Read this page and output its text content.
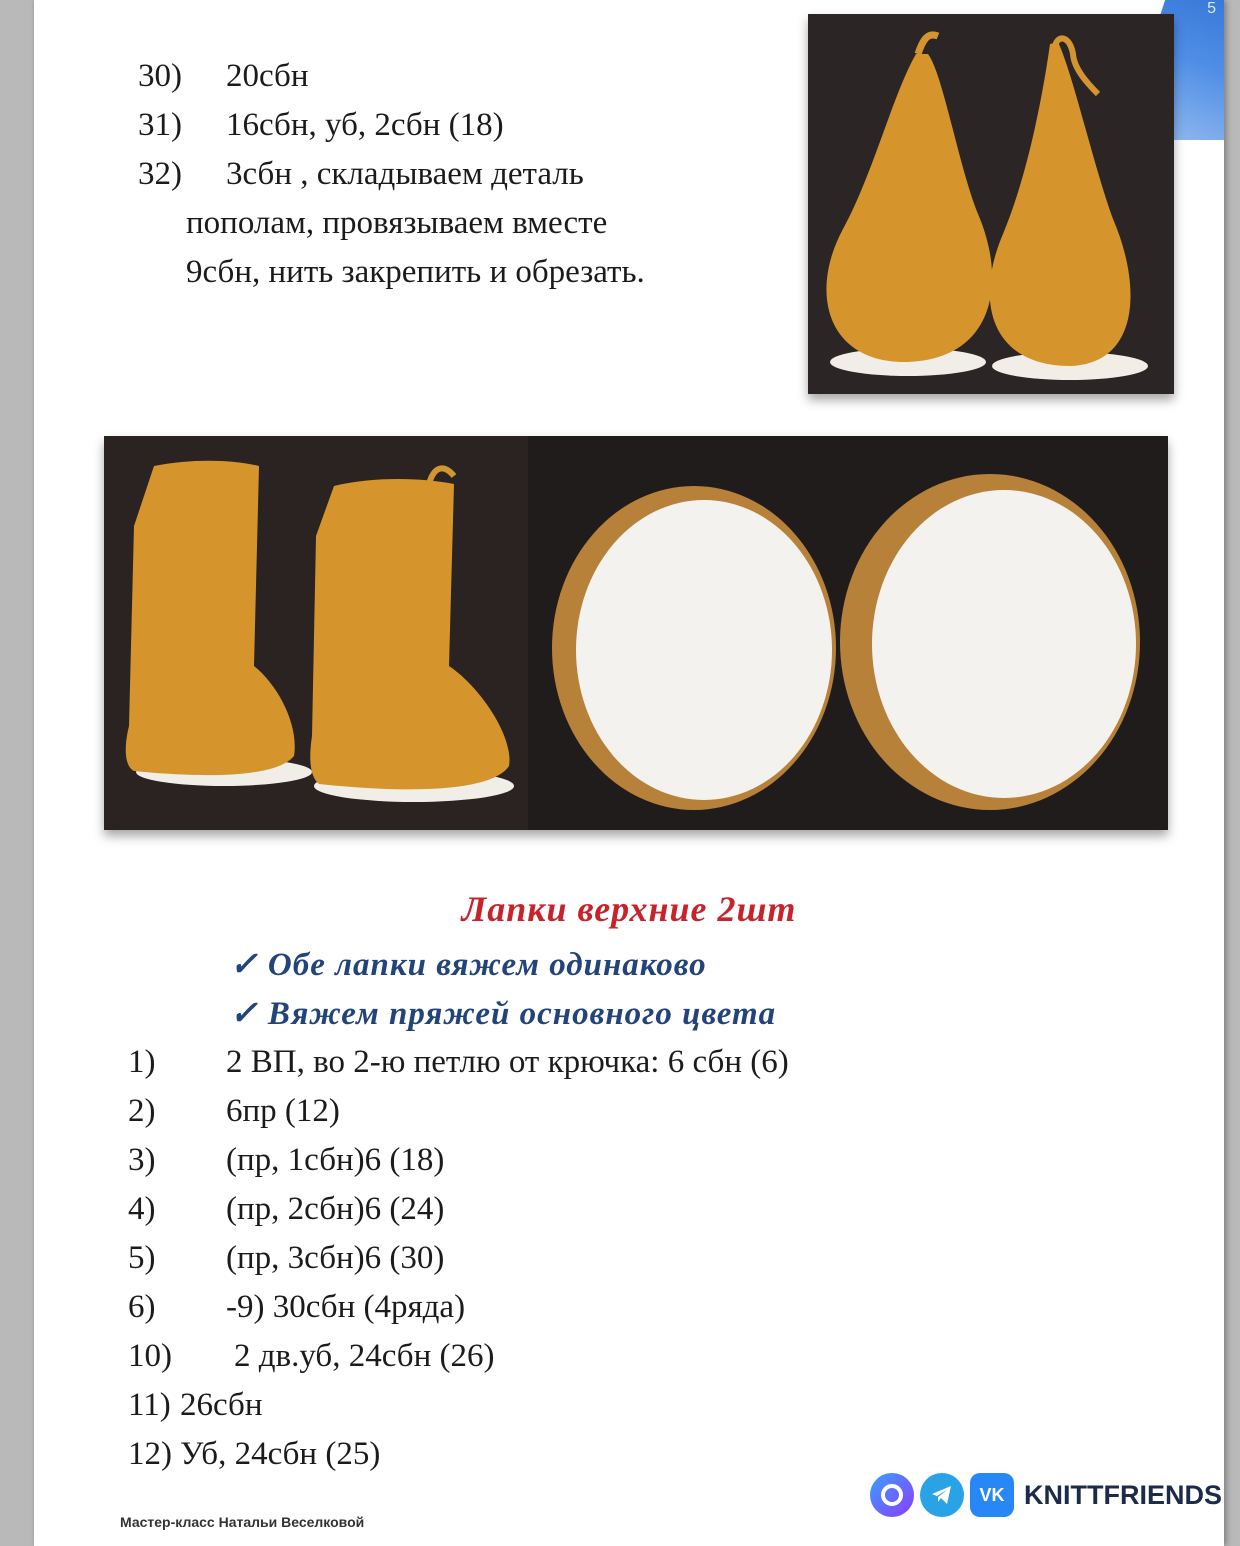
5
30)	20сбн
31)	16сбн, уб, 2сбн (18)
32)	3сбн , складываем деталь
пополам, провязываем вместе
9сбн, нить закрепить и обрезать.
Лапки верхние 2шт
✓ Обе лапки вяжем одинаково
✓ Вяжем пряжей основного цвета
1)	2 ВП, во 2-ю петлю от крючка: 6 сбн (6)
2)	6пр (12)
3)	(пр, 1сбн)6 (18)
4)	(пр, 2сбн)6 (24)
5)	(пр, 3сбн)6 (30)
6)	-9) 30сбн (4ряда)
10)	2 дв.уб, 24сбн (26)
11) 26сбн
12) Уб, 24сбн (25)
Мастер-класс Натальи Веселковой
VK KNITTFRIENDS
